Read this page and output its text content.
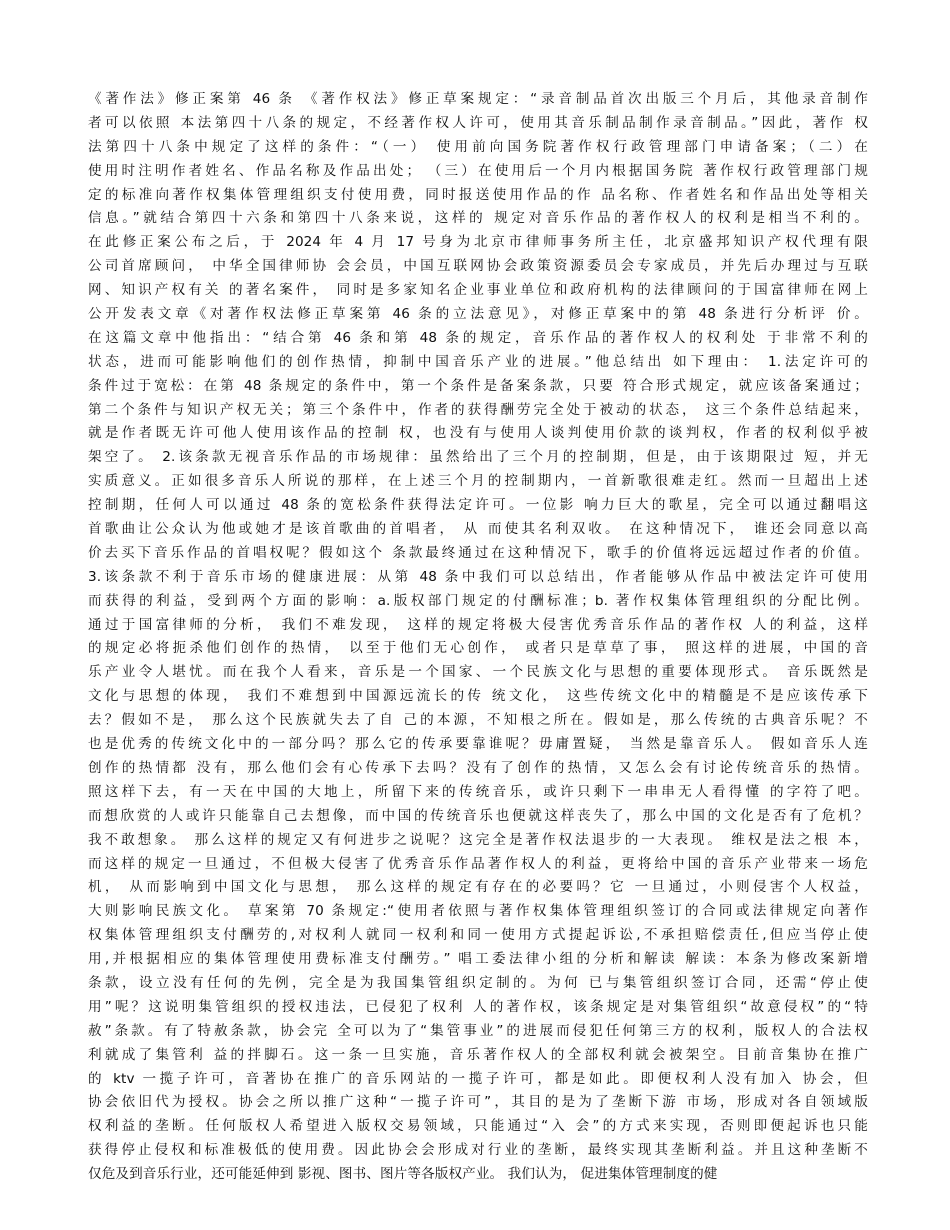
《著作法》修正案第 46 条 《著作权法》修正草案规定：“录音制品首次出版三个月后，其他录音制作
者可以依照 本法第四十八条的规定，不经著作权人许可，使用其音乐制品制作录音制品。”因此，著作 权
法第四十八条中规定了这样的条件：“（一） 使用前向国务院著作权行政管理部门申请备案；（二）在
使用时注明作者姓名、作品名称及作品出处； （三）在使用后一个月内根据国务院 著作权行政管理部门规
定的标准向著作权集体管理组织支付使用费，同时报送使用作品的作 品名称、作者姓名和作品出处等相关
信息。”就结合第四十六条和第四十八条来说，这样的 规定对音乐作品的著作权人的权利是相当不利的。
在此修正案公布之后，于 2024 年 4 月 17 号身为北京市律师事务所主任，北京盛邦知识产权代理有限
公司首席顾问， 中华全国律师协 会会员，中国互联网协会政策资源委员会专家成员，并先后办理过与互联
网、知识产权有关 的著名案件， 同时是多家知名企业事业单位和政府机构的法律顾问的于国富律师在网上
公开发表文章《对著作权法修正草案第 46 条的立法意见》，对修正草案中的第 48 条进行分析评 价。
在这篇文章中他指出：“结合第 46 条和第 48 条的规定，音乐作品的著作权人的权利处 于非常不利的
状态，进而可能影响他们的创作热情，抑制中国音乐产业的进展。”他总结出 如下理由： 1.法定许可的
条件过于宽松：在第 48 条规定的条件中，第一个条件是备案条款，只要 符合形式规定，就应该备案通过；
第二个条件与知识产权无关；第三个条件中，作者的获得酬劳完全处于被动的状态， 这三个条件总结起来，
就是作者既无许可他人使用该作品的控制 权，也没有与使用人谈判使用价款的谈判权，作者的权利似乎被
架空了。 2.该条款无视音乐作品的市场规律：虽然给出了三个月的控制期，但是，由于该期限过 短，并无
实质意义。正如很多音乐人所说的那样，在上述三个月的控制期内，一首新歌很难走红。然而一旦超出上述
控制期，任何人可以通过 48 条的宽松条件获得法定许可。一位影 响力巨大的歌星，完全可以通过翻唱这
首歌曲让公众认为他或她才是该首歌曲的首唱者， 从 而使其名利双收。 在这种情况下， 谁还会同意以高
价去买下音乐作品的首唱权呢？假如这个 条款最终通过在这种情况下，歌手的价值将远远超过作者的价值。
3.该条款不利于音乐市场的健康进展：从第 48 条中我们可以总结出，作者能够从作品中被法定许可使用
而获得的利益，受到两个方面的影响：a.版权部门规定的付酬标准；b. 著作权集体管理组织的分配比例。
通过于国富律师的分析， 我们不难发现， 这样的规定将极大侵害优秀音乐作品的著作权 人的利益，这样
的规定必将扼杀他们创作的热情， 以至于他们无心创作， 或者只是草草了事， 照这样的进展，中国的音
乐产业令人堪忧。而在我个人看来，音乐是一个国家、一个民族文化与思想的重要体现形式。 音乐既然是
文化与思想的体现， 我们不难想到中国源远流长的传 统文化， 这些传统文化中的精髓是不是应该传承下
去？假如不是， 那么这个民族就失去了自 己的本源，不知根之所在。假如是，那么传统的古典音乐呢？不
也是优秀的传统文化中的一部分吗？那么它的传承要靠谁呢？毋庸置疑， 当然是靠音乐人。 假如音乐人连
创作的热情都 没有，那么他们会有心传承下去吗？没有了创作的热情，又怎么会有讨论传统音乐的热情。
照这样下去，有一天在中国的大地上，所留下来的传统音乐，或许只剩下一串串无人看得懂 的字符了吧。
而想欣赏的人或许只能靠自己去想像，而中国的传统音乐也便就这样丧失了，那么中国的文化是否有了危机？
我不敢想象。 那么这样的规定又有何进步之说呢？这完全是著作权法退步的一大表现。 维权是法之根 本，
而这样的规定一旦通过，不但极大侵害了优秀音乐作品著作权人的利益，更将给中国的音乐产业带来一场危
机， 从而影响到中国文化与思想， 那么这样的规定有存在的必要吗？它 一旦通过，小则侵害个人权益，
大则影响民族文化。 草案第 70 条规定:“使用者依照与著作权集体管理组织签订的合同或法律规定向著作
权集体管理组织支付酬劳的,对权利人就同一权利和同一使用方式提起诉讼,不承担赔偿责任,但应当停止使
用,并根据相应的集体管理使用费标准支付酬劳。” 唱工委法律小组的分析和解读 解读：本条为修改案新增
条款，设立没有任何的先例，完全是为我国集管组织定制的。为何 已与集管组织签订合同，还需“停止使
用”呢？这说明集管组织的授权违法，已侵犯了权利 人的著作权，该条规定是对集管组织“故意侵权”的“特
赦”条款。有了特赦条款，协会完 全可以为了“集管事业”的进展而侵犯任何第三方的权利，版权人的合法权
利就成了集管利 益的拌脚石。这一条一旦实施，音乐著作权人的全部权利就会被架空。目前音集协在推广
的 ktv 一揽子许可，音著协在推广的音乐网站的一揽子许可，都是如此。即便权利人没有加入 协会，但
协会依旧代为授权。协会之所以推广这种“一揽子许可”，其目的是为了垄断下游 市场，形成对各自领域版
权利益的垄断。任何版权人希望进入版权交易领域，只能通过“入 会”的方式来实现，否则即便起诉也只能
获得停止侵权和标准极低的使用费。因此协会会形成对行业的垄断，最终实现其垄断利益。并且这种垄断不
仅危及到音乐行业，还可能延伸到 影视、图书、图片等各版权产业。 我们认为， 促进集体管理制度的健
